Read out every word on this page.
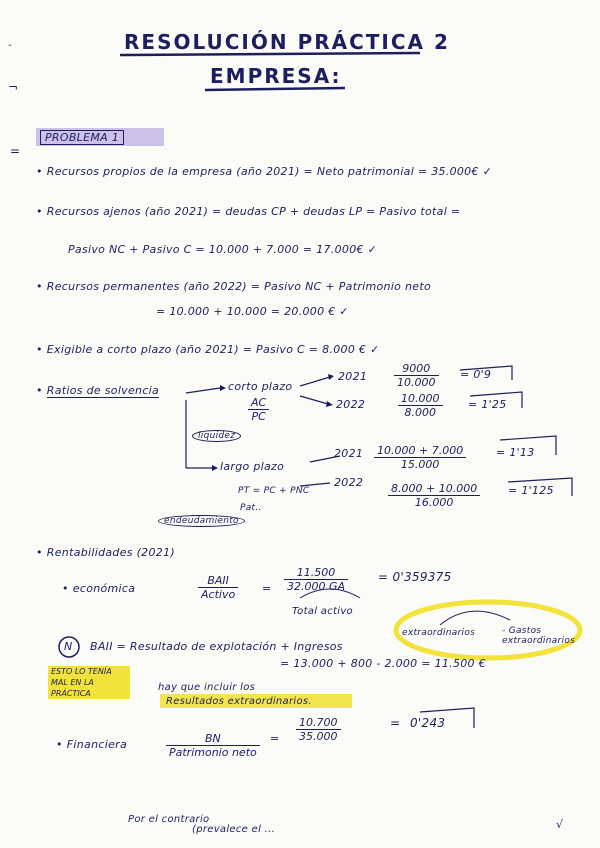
-
¬
=
RESOLUCIÓN PRÁCTICA 2
EMPRESA:
PROBLEMA 1
• Recursos propios de la empresa (año 2021) = Neto patrimonial = 35.000€ ✓
• Recursos ajenos (año 2021) = deudas CP + deudas LP = Pasivo total =
Pasivo NC + Pasivo C = 10.000 + 7.000 = 17.000€ ✓
• Recursos permanentes (año 2022) = Pasivo NC + Patrimonio neto
= 10.000 + 10.000 = 20.000 € ✓
• Exigible a corto plazo (año 2021) = Pasivo C = 8.000 € ✓
• Ratios de solvencia	corto plazo
$\frac{AC}{PC}$
liquidez
$2021 \frac{9000}{10.000} = 0'9$
2022	$\frac{10.000}{8.000} = 1'25$
largo plazo
PT = PC + PNC
Pat..
endeudamiento
$2021 \frac{10.000 + 7.000}{15.000}$	= 1'13
$2022 \frac{8.000 + 10.000}{16.000}$	= 1'125
• Rentabilidades (2021)
• económica
BAII
Activo = $\frac{11.500}{32.000 GA} = 0'359375$
Total activo
N BAII = Resultado de explotación + Ingresos
extraordinarios	- Gastos extraordinarios
= 13.000 + 800 - 2.000 = 11.500 €
ESTO LO TENÍA MAL EN LA PRÁCTICA
hay que incluir los
Resultados extraordinarios.
• Financiera	BN
Patrimonio neto
= $\frac{10.700}{35.000}$	= 0'243
Por el contrario
(prevalece el ...	√
